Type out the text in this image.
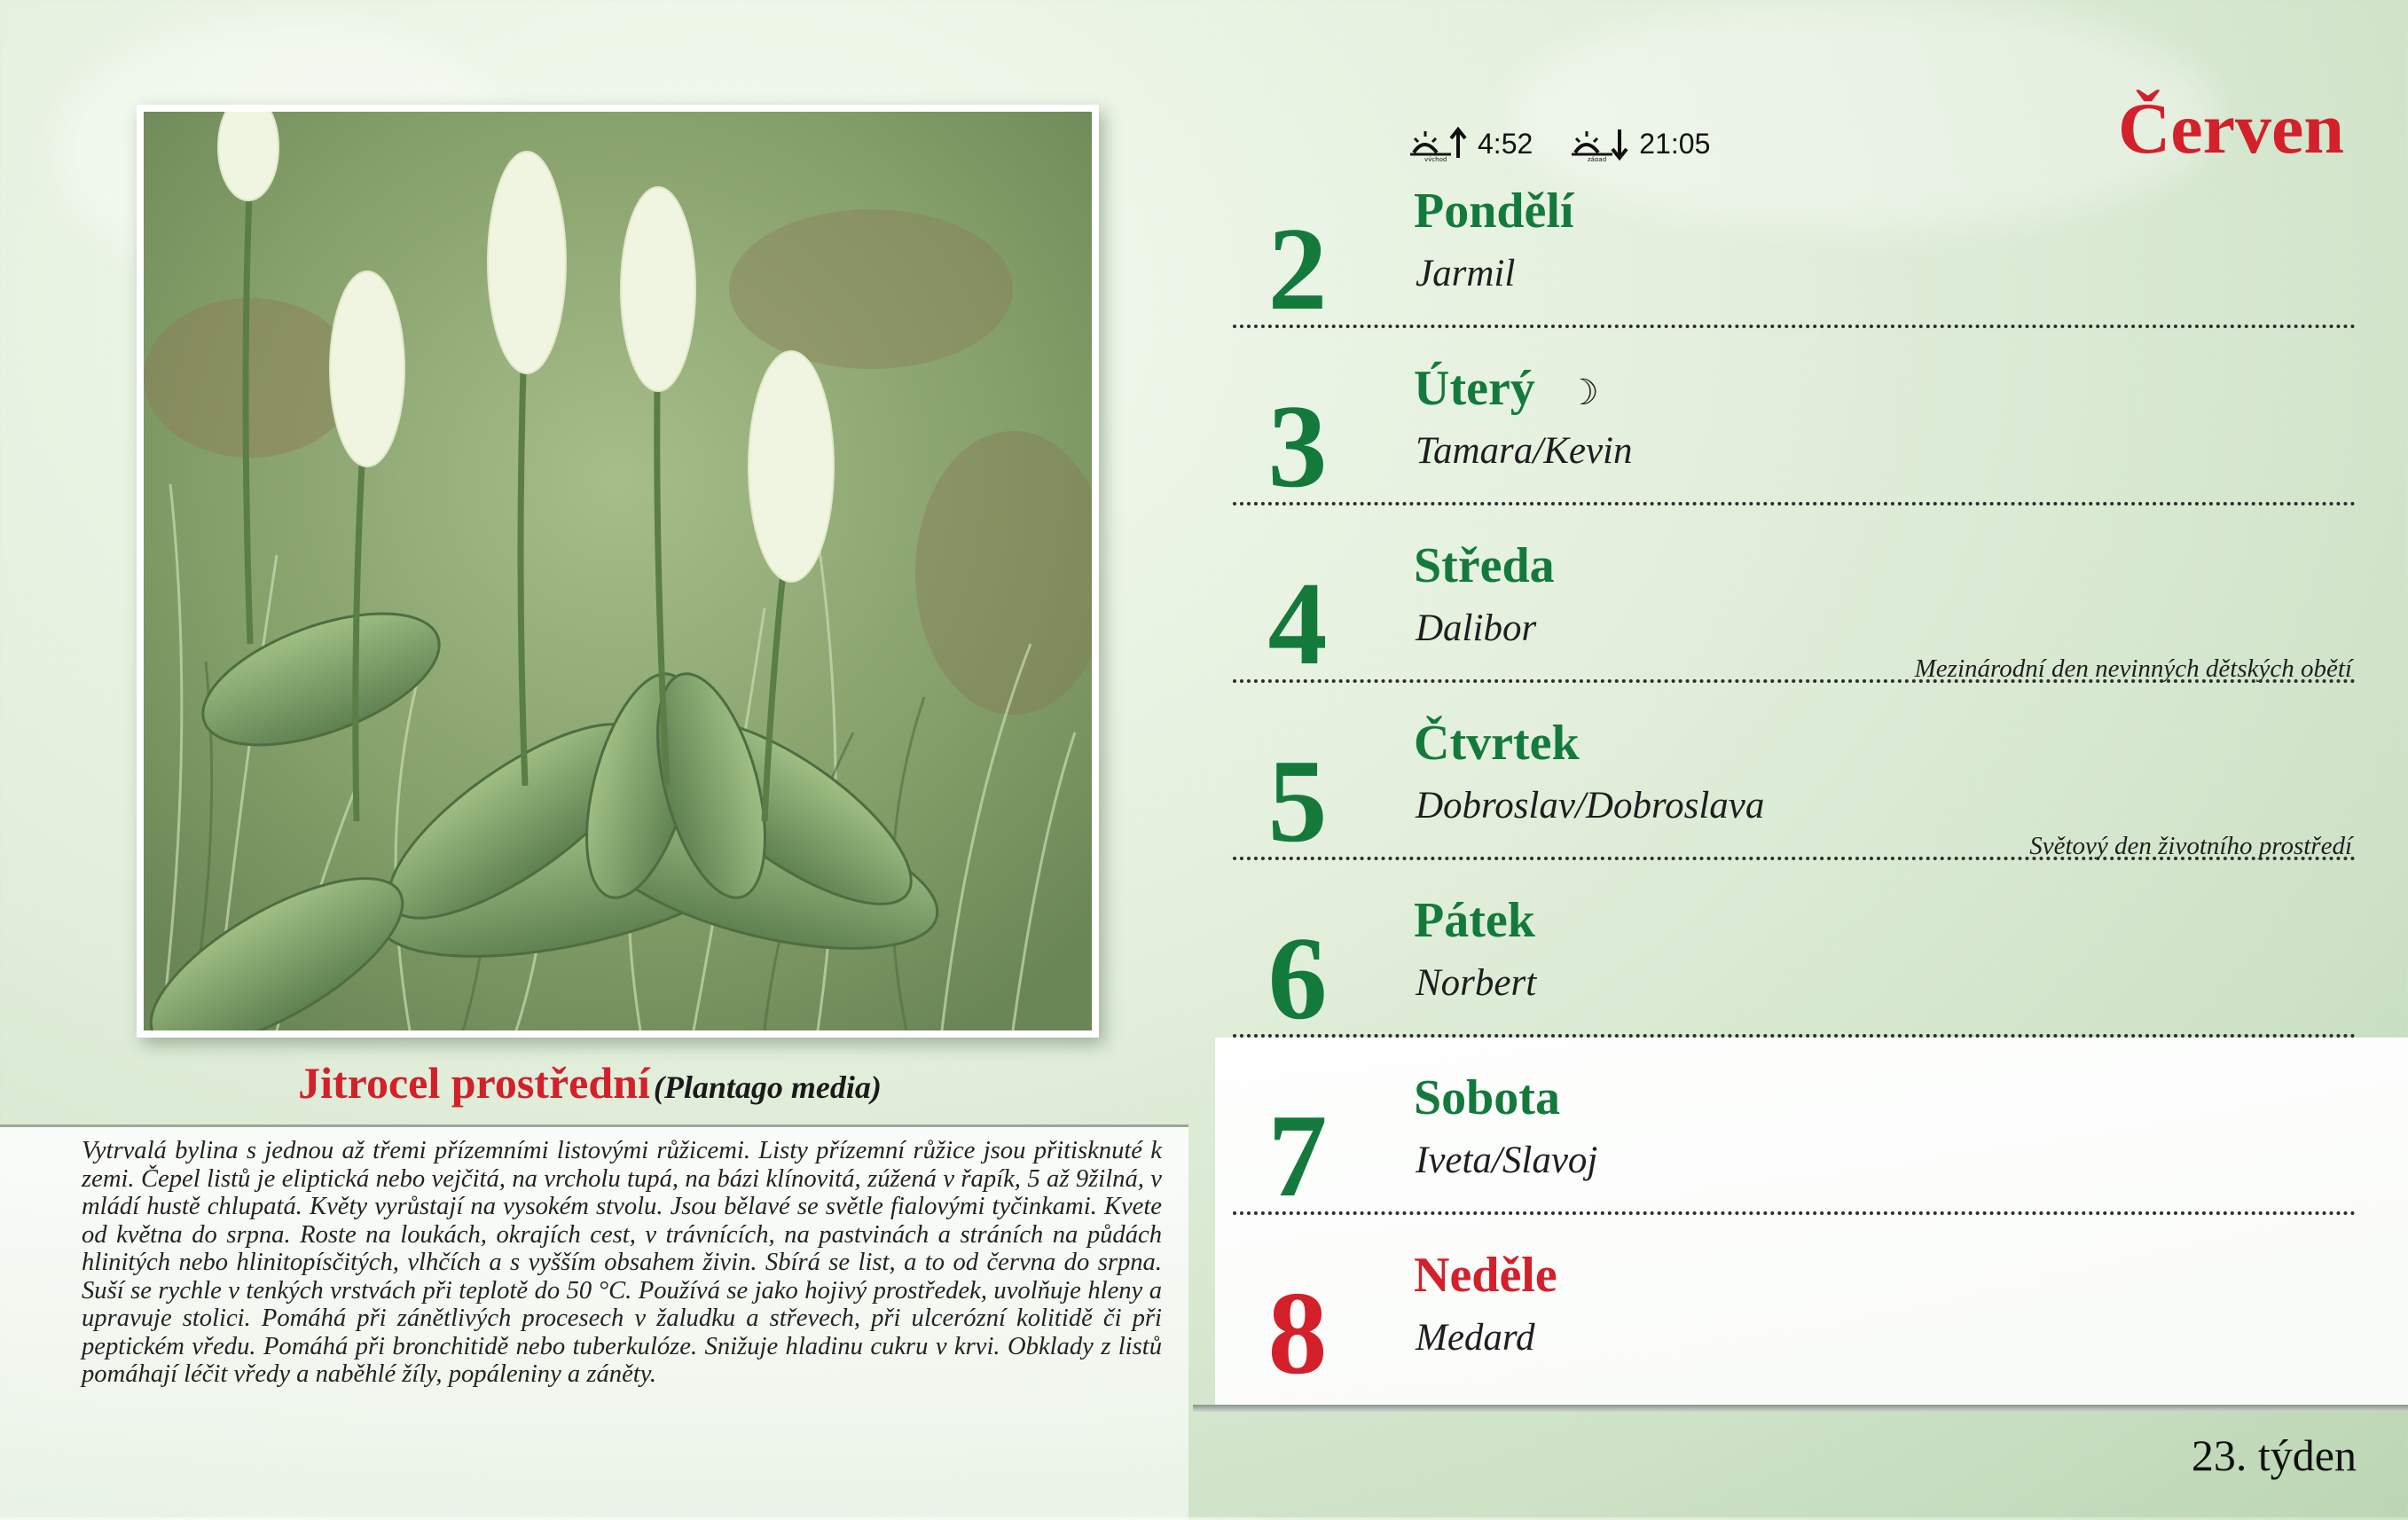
Jitrocel prostřední (Plantago media)

Vytrvalá bylina s jednou až třemi přízemními listovými růžicemi. Listy přízemní růžice jsou přitisknuté k zemi. Čepel listů je eliptická nebo vejčitá, na vrcholu tupá, na bázi klínovitá, zúžená v řapík, 5 až 9žilná, v mládí hustě chlupatá. Květy vyrůstají na vysokém stvolu. Jsou bělavé se světle fialovými tyčinkami. Kvete od května do srpna. Roste na loukách, okrajích cest, v trávnících, na pastvinách a stráních na půdách hlinitých nebo hlinitopísčitých, vlhčích a s vyšším obsahem živin. Sbírá se list, a to od června do srpna. Suší se rychle v tenkých vrstvách při teplotě do 50 °C. Používá se jako hojivý prostředek, uvolňuje hleny a upravuje stolici. Pomáhá při zánětlivých procesech v žaludku a střevech, při ulcerózní kolitidě či při peptickém vředu. Pomáhá při bronchitidě nebo tuberkulóze. Snižuje hladinu cukru v krvi. Obklady z listů pomáhají léčit vředy a naběhlé žíly, popáleniny a záněty.

východ
4:52
západ
21:05	Červen
2	Pondělí
Jarmil
3	Úterý ☽
Tamara/Kevin
4	Středa
Dalibor
Mezinárodní den nevinných dětských obětí
5	Čtvrtek
Dobroslav/Dobroslava
Světový den životního prostředí
6	Pátek
Norbert
7	Sobota
Iveta/Slavoj
8	Neděle
Medard
23. týden
